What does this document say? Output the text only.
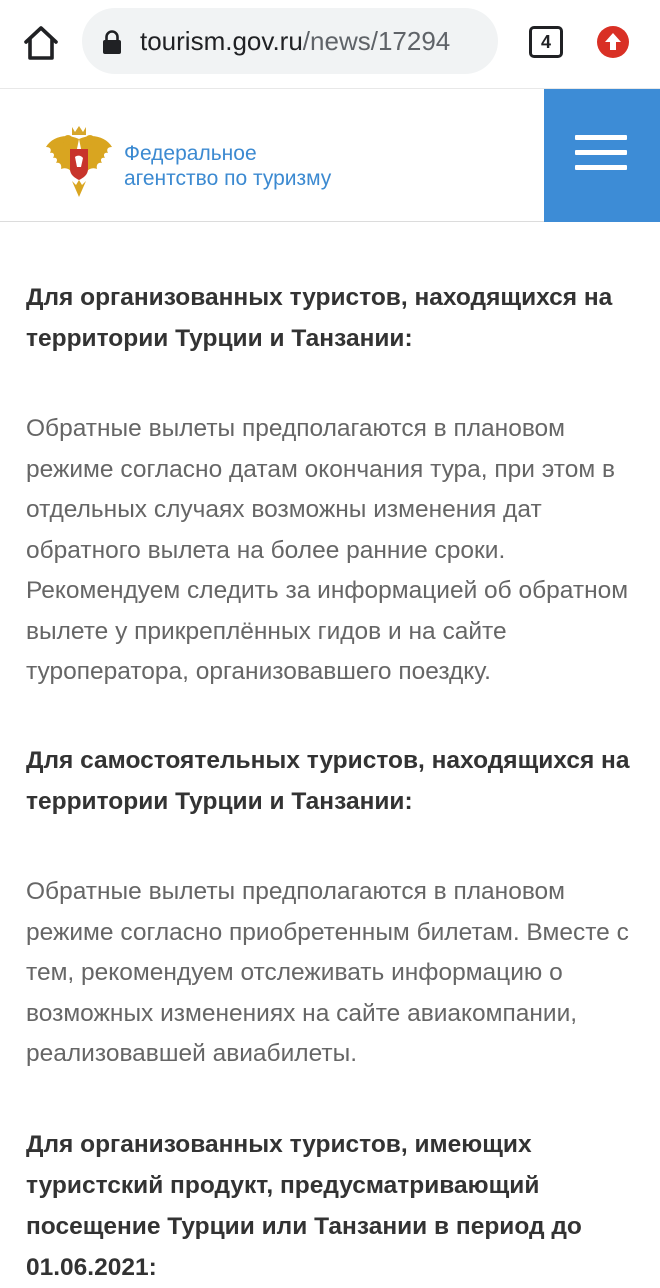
tourism.gov.ru/news/17294	4
Федеральное
агентство по туризму

Для организованных туристов, находящихся на территории Турции и Танзании:

Обратные вылеты предполагаются в плановом режиме согласно датам окончания тура, при этом в отдельных случаях возможны изменения дат обратного вылета на более ранние сроки. Рекомендуем следить за информацией об обратном вылете у прикреплённых гидов и на сайте туроператора, организовавшего поездку.

Для самостоятельных туристов, находящихся на территории Турции и Танзании:

Обратные вылеты предполагаются в плановом режиме согласно приобретенным билетам. Вместе с тем, рекомендуем отслеживать информацию о возможных изменениях на сайте авиакомпании, реализовавшей авиабилеты.

Для организованных туристов, имеющих туристский продукт, предусматривающий посещение Турции или Танзании в период до 01.06.2021:
